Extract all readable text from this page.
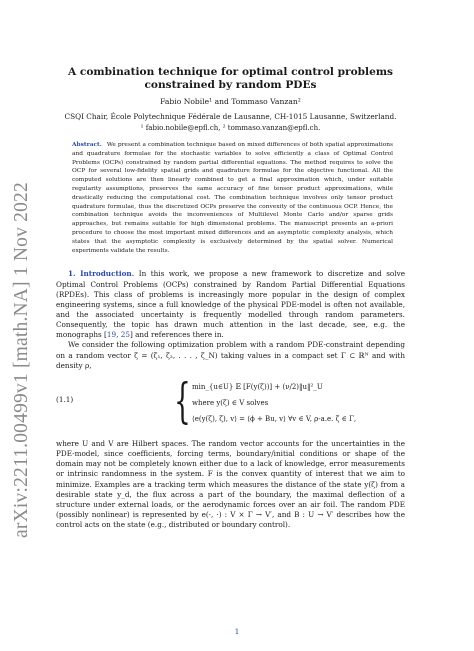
arXiv:2211.00499v1 [math.NA] 1 Nov 2022
A combination technique for optimal control problems
constrained by random PDEs
Fabio Nobile¹ and Tommaso Vanzan²
CSQI Chair, École Polytechnique Fédérale de Lausanne, CH-1015 Lausanne, Switzerland.
¹ fabio.nobile@epfl.ch, ² tommaso.vanzan@epfl.ch.
Abstract. We present a combination technique based on mixed differences of both spatial approximations and quadrature formulae for the stochastic variables to solve efficiently a class of Optimal Control Problems (OCPs) constrained by random partial differential equations. The method requires to solve the OCP for several low-fidelity spatial grids and quadrature formulae for the objective functional. All the computed solutions are then linearly combined to get a final approximation which, under suitable regularity assumptions, preserves the same accuracy of fine tensor product approximations, while drastically reducing the computational cost. The combination technique involves only tensor product quadrature formulae, thus the discretized OCPs preserve the convexity of the continuous OCP. Hence, the combination technique avoids the inconveniences of Multilevel Monte Carlo and/or sparse grids approaches, but remains suitable for high dimensional problems. The manuscript presents an a-priori procedure to choose the most important mixed differences and an asymptotic complexity analysis, which states that the asymptotic complexity is exclusively determined by the spatial solver. Numerical experiments validate the results.

1. Introduction. In this work, we propose a new framework to discretize and solve Optimal Control Problems (OCPs) constrained by Random Partial Differential Equations (RPDEs). This class of problems is increasingly more popular in the design of complex engineering systems, since a full knowledge of the physical PDE-model is often not available, and the associated uncertainty is frequently modelled through random parameters. Consequently, the topic has drawn much attention in the last decade, see, e.g. the monographs [19, 25] and references there in.

We consider the following optimization problem with a random PDE-constraint depending on a random vector ζ = (ζ₁, ζ₂, . . . , ζ_N) taking values in a compact set Γ ⊂ ℝᴺ and with density ρ,

(1.1) { min_{u∈U} 𝔼 [F(y(ζ))] + (ν/2)‖u‖²_U
where y(ζ) ∈ V solves
⟨e(y(ζ), ζ), v⟩ = ⟨ϕ + Bu, v⟩ ∀v ∈ V, ρ-a.e. ζ ∈ Γ,

where U and V are Hilbert spaces. The random vector accounts for the uncertainties in the PDE-model, since coefficients, forcing terms, boundary/initial conditions or shape of the domain may not be completely known either due to a lack of knowledge, error measurements or intrinsic randomness in the system. F is the convex quantity of interest that we aim to minimize. Examples are a tracking term which measures the distance of the state y(ζ) from a desirable state y_d, the flux across a part of the boundary, the maximal deflection of a structure under external loads, or the aerodynamic forces over an air foil. The random PDE (possibly nonlinear) is represented by e(·, ·) : V × Γ → V′, and B : U → V′ describes how the control acts on the state (e.g., distributed or boundary control).

1
